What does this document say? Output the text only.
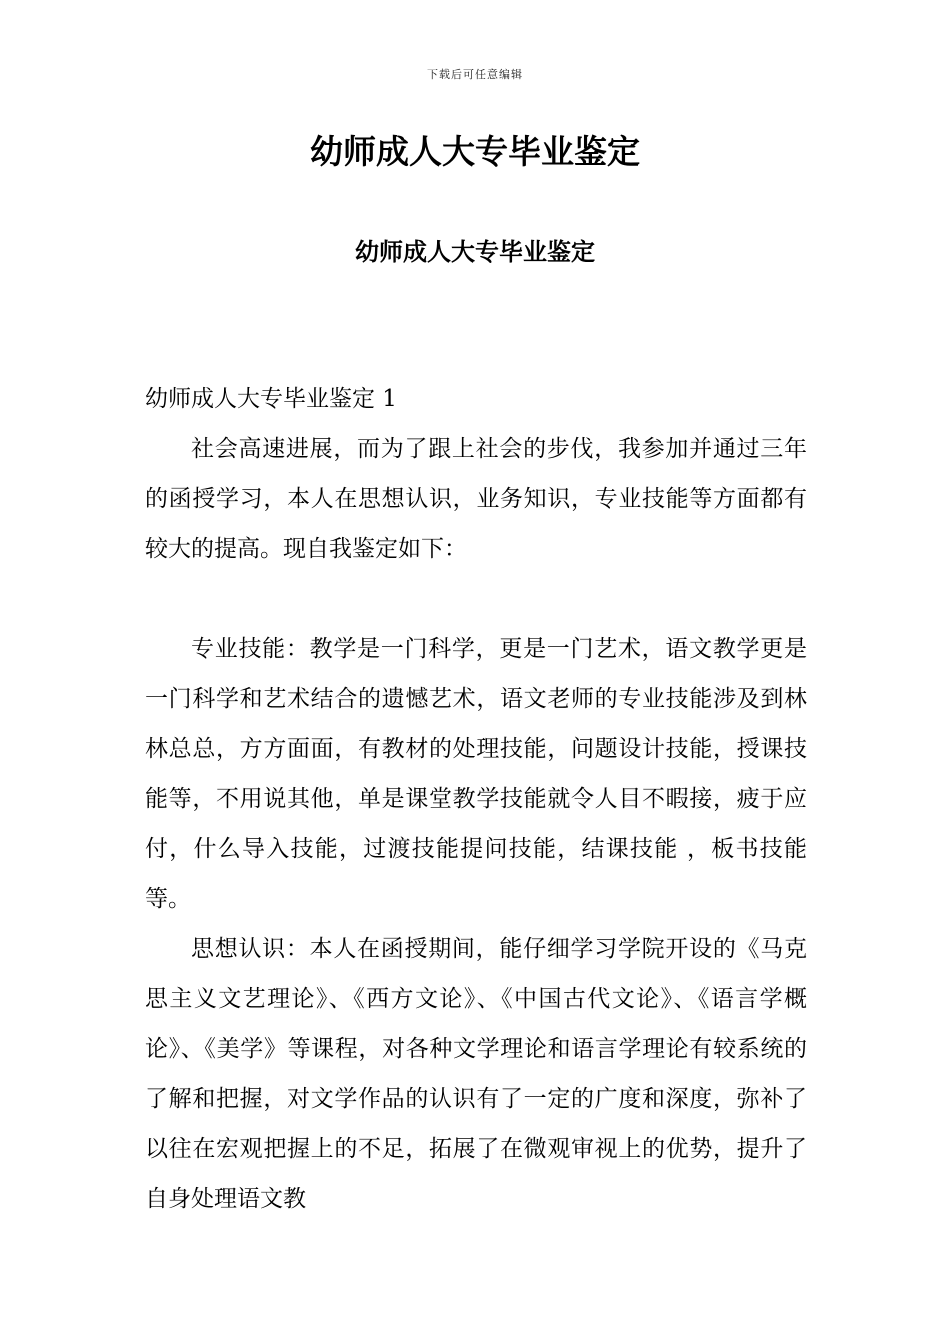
下载后可任意编辑
幼师成人大专毕业鉴定
幼师成人大专毕业鉴定

幼师成人大专毕业鉴定 1

社会高速进展，而为了跟上社会的步伐，我参加并通过三年的函授学习，本人在思想认识，业务知识，专业技能等方面都有较大的提高。现自我鉴定如下：

专业技能：教学是一门科学，更是一门艺术，语文教学更是一门科学和艺术结合的遗憾艺术，语文老师的专业技能涉及到林林总总，方方面面，有教材的处理技能，问题设计技能，授课技能等，不用说其他，单是课堂教学技能就令人目不暇接，疲于应付，什么导入技能，过渡技能提问技能，结课技能 ，板书技能等。

思想认识：本人在函授期间，能仔细学习学院开设的《马克思主义文艺理论》、《西方文论》、《中国古代文论》、《语言学概论》、《美学》等课程，对各种文学理论和语言学理论有较系统的了解和把握，对文学作品的认识有了一定的广度和深度，弥补了以往在宏观把握上的不足，拓展了在微观审视上的优势，提升了自身处理语文教
